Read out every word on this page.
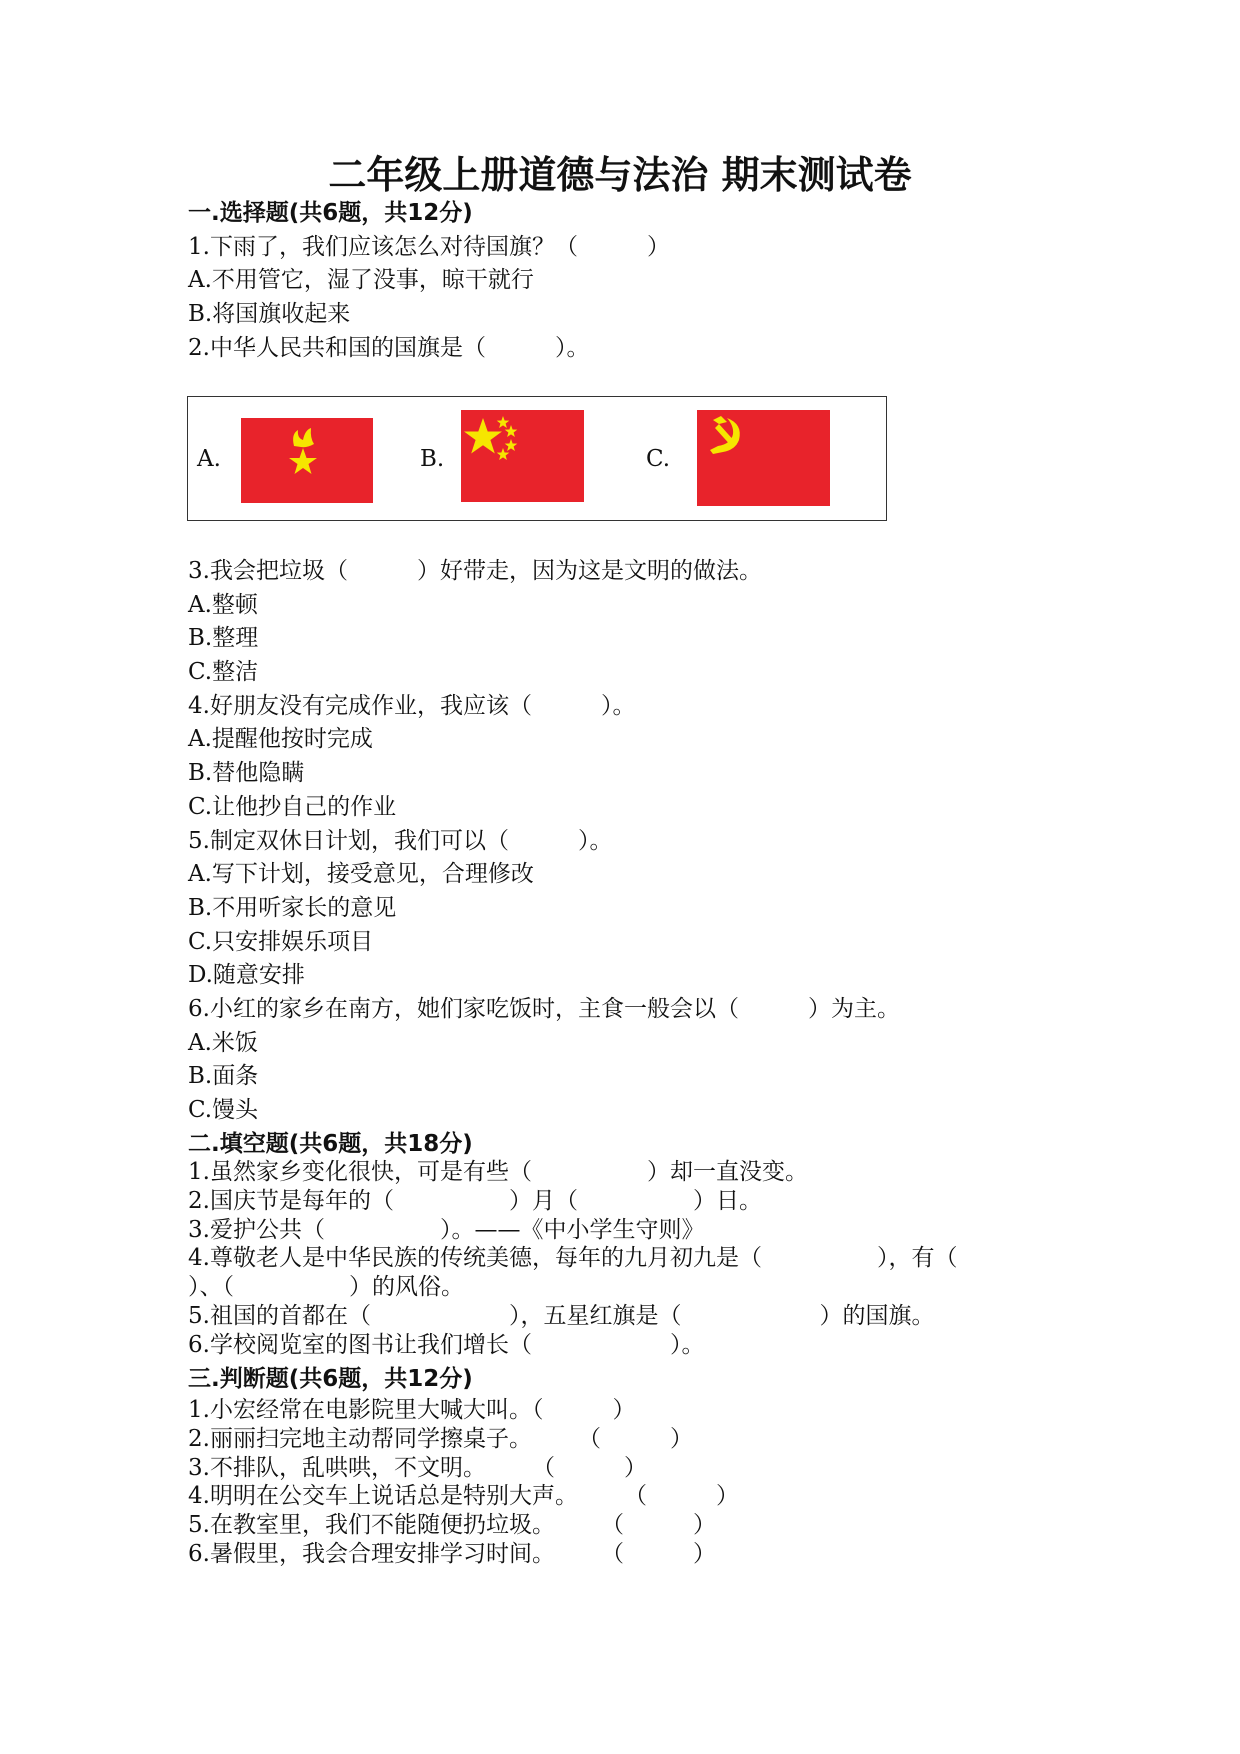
二年级上册道德与法治 期末测试卷
一.选择题(共6题，共12分)
1.下雨了，我们应该怎么对待国旗？（　　　）
A.不用管它，湿了没事，晾干就行
B.将国旗收起来
2.中华人民共和国的国旗是（　　　）。
A.	B.	C.
3.我会把垃圾（　　　）好带走，因为这是文明的做法。
A.整顿
B.整理
C.整洁
4.好朋友没有完成作业，我应该（　　　）。
A.提醒他按时完成
B.替他隐瞒
C.让他抄自己的作业
5.制定双休日计划，我们可以（　　　）。
A.写下计划，接受意见，合理修改
B.不用听家长的意见
C.只安排娱乐项目
D.随意安排
6.小红的家乡在南方，她们家吃饭时，主食一般会以（　　　）为主。
A.米饭
B.面条
C.馒头
二.填空题(共6题，共18分)
1.虽然家乡变化很快，可是有些（　　　　　）却一直没变。
2.国庆节是每年的（　　　　　）月（　　　　　）日。
3.爱护公共（　　　　　）。——《中小学生守则》
4.尊敬老人是中华民族的传统美德，每年的九月初九是（　　　　　），有（
）、（　　　　　）的风俗。
5.祖国的首都在（　　　　　　），五星红旗是（　　　　　　）的国旗。
6.学校阅览室的图书让我们增长（　　　　　　）。
三.判断题(共6题，共12分)
1.小宏经常在电影院里大喊大叫。（　　　）
2.丽丽扫完地主动帮同学擦桌子。　　　（　　　）
3.不排队，乱哄哄，不文明。　　　（　　　）
4.明明在公交车上说话总是特别大声。　　　（　　　）
5.在教室里，我们不能随便扔垃圾。　　　（　　　）
6.暑假里，我会合理安排学习时间。　　　（　　　）
